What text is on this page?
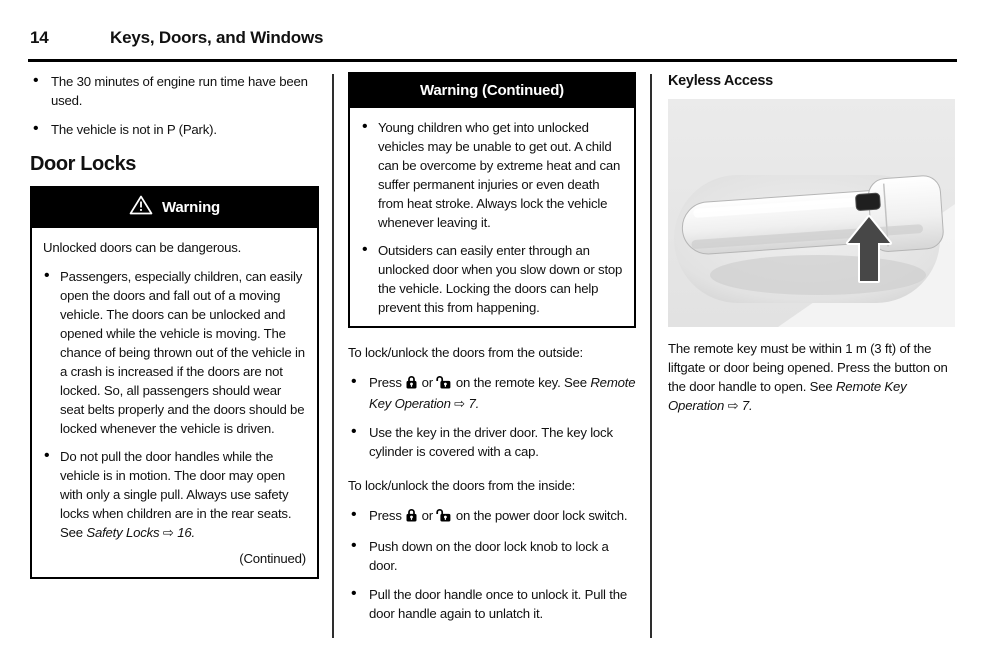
14	Keys, Doors, and Windows
• The 30 minutes of engine run time have been used.
• The vehicle is not in P (Park).
Door Locks
Warning

Unlocked doors can be dangerous.

• Passengers, especially children, can easily open the doors and fall out of a moving vehicle. The doors can be unlocked and opened while the vehicle is moving. The chance of being thrown out of the vehicle in a crash is increased if the doors are not locked. So, all passengers should wear seat belts properly and the doors should be locked whenever the vehicle is driven.
• Do not pull the door handles while the vehicle is in motion. The door may open with only a single pull. Always use safety locks when children are in the rear seats. See Safety Locks ⇨ 16.
(Continued)
Warning (Continued)
• Young children who get into unlocked vehicles may be unable to get out. A child can be overcome by extreme heat and can suffer permanent injuries or even death from heat stroke. Always lock the vehicle whenever leaving it.
• Outsiders can easily enter through an unlocked door when you slow down or stop the vehicle. Locking the doors can help prevent this from happening.

To lock/unlock the doors from the outside:

• Press  or  on the remote key. See Remote Key Operation ⇨ 7.
• Use the key in the driver door. The key lock cylinder is covered with a cap.

To lock/unlock the doors from the inside:

• Press  or  on the power door lock switch.
• Push down on the door lock knob to lock a door.
• Pull the door handle once to unlock it. Pull the door handle again to unlatch it.
Keyless Access

The remote key must be within 1 m (3 ft) of the liftgate or door being opened. Press the button on the door handle to open. See Remote Key Operation ⇨ 7.
